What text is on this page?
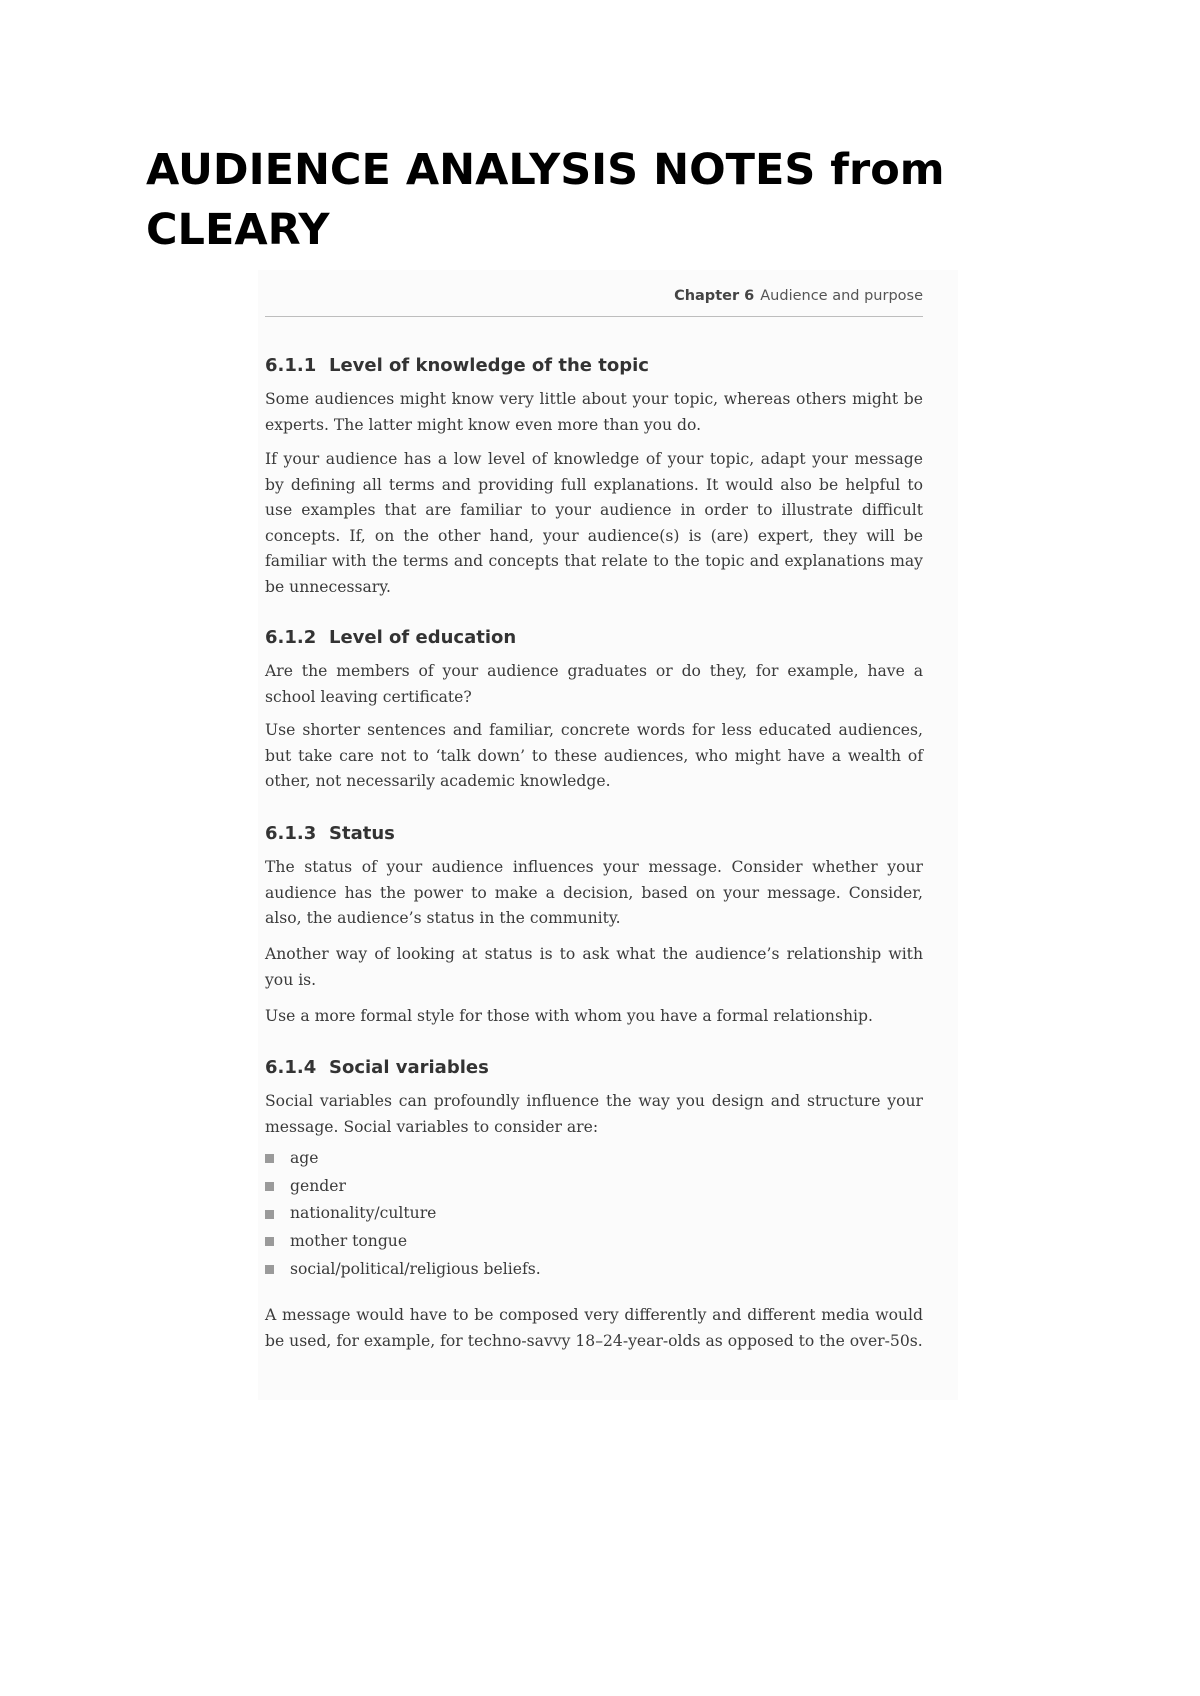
AUDIENCE ANALYSIS NOTES from
CLEARY
Chapter 6 Audience and purpose
6.1.1 Level of knowledge of the topic

Some audiences might know very little about your topic, whereas others might be experts. The latter might know even more than you do.

If your audience has a low level of knowledge of your topic, adapt your message by defining all terms and providing full explanations. It would also be helpful to use examples that are familiar to your audience in order to illustrate difficult concepts. If, on the other hand, your audience(s) is (are) expert, they will be familiar with the terms and concepts that relate to the topic and explanations may be unnecessary.

6.1.2 Level of education

Are the members of your audience graduates or do they, for example, have a school leaving certificate?

Use shorter sentences and familiar, concrete words for less educated audiences, but take care not to ‘talk down’ to these audiences, who might have a wealth of other, not necessarily academic knowledge.

6.1.3 Status

The status of your audience influences your message. Consider whether your audience has the power to make a decision, based on your message. Consider, also, the audience’s status in the community.

Another way of looking at status is to ask what the audience’s relationship with you is.

Use a more formal style for those with whom you have a formal relationship.

6.1.4 Social variables

Social variables can profoundly influence the way you design and structure your message. Social variables to consider are:

age
gender
nationality/culture
mother tongue
social/political/religious beliefs.

A message would have to be composed very differently and different media would be used, for example, for techno-savvy 18–24-year-olds as opposed to the over-50s.
